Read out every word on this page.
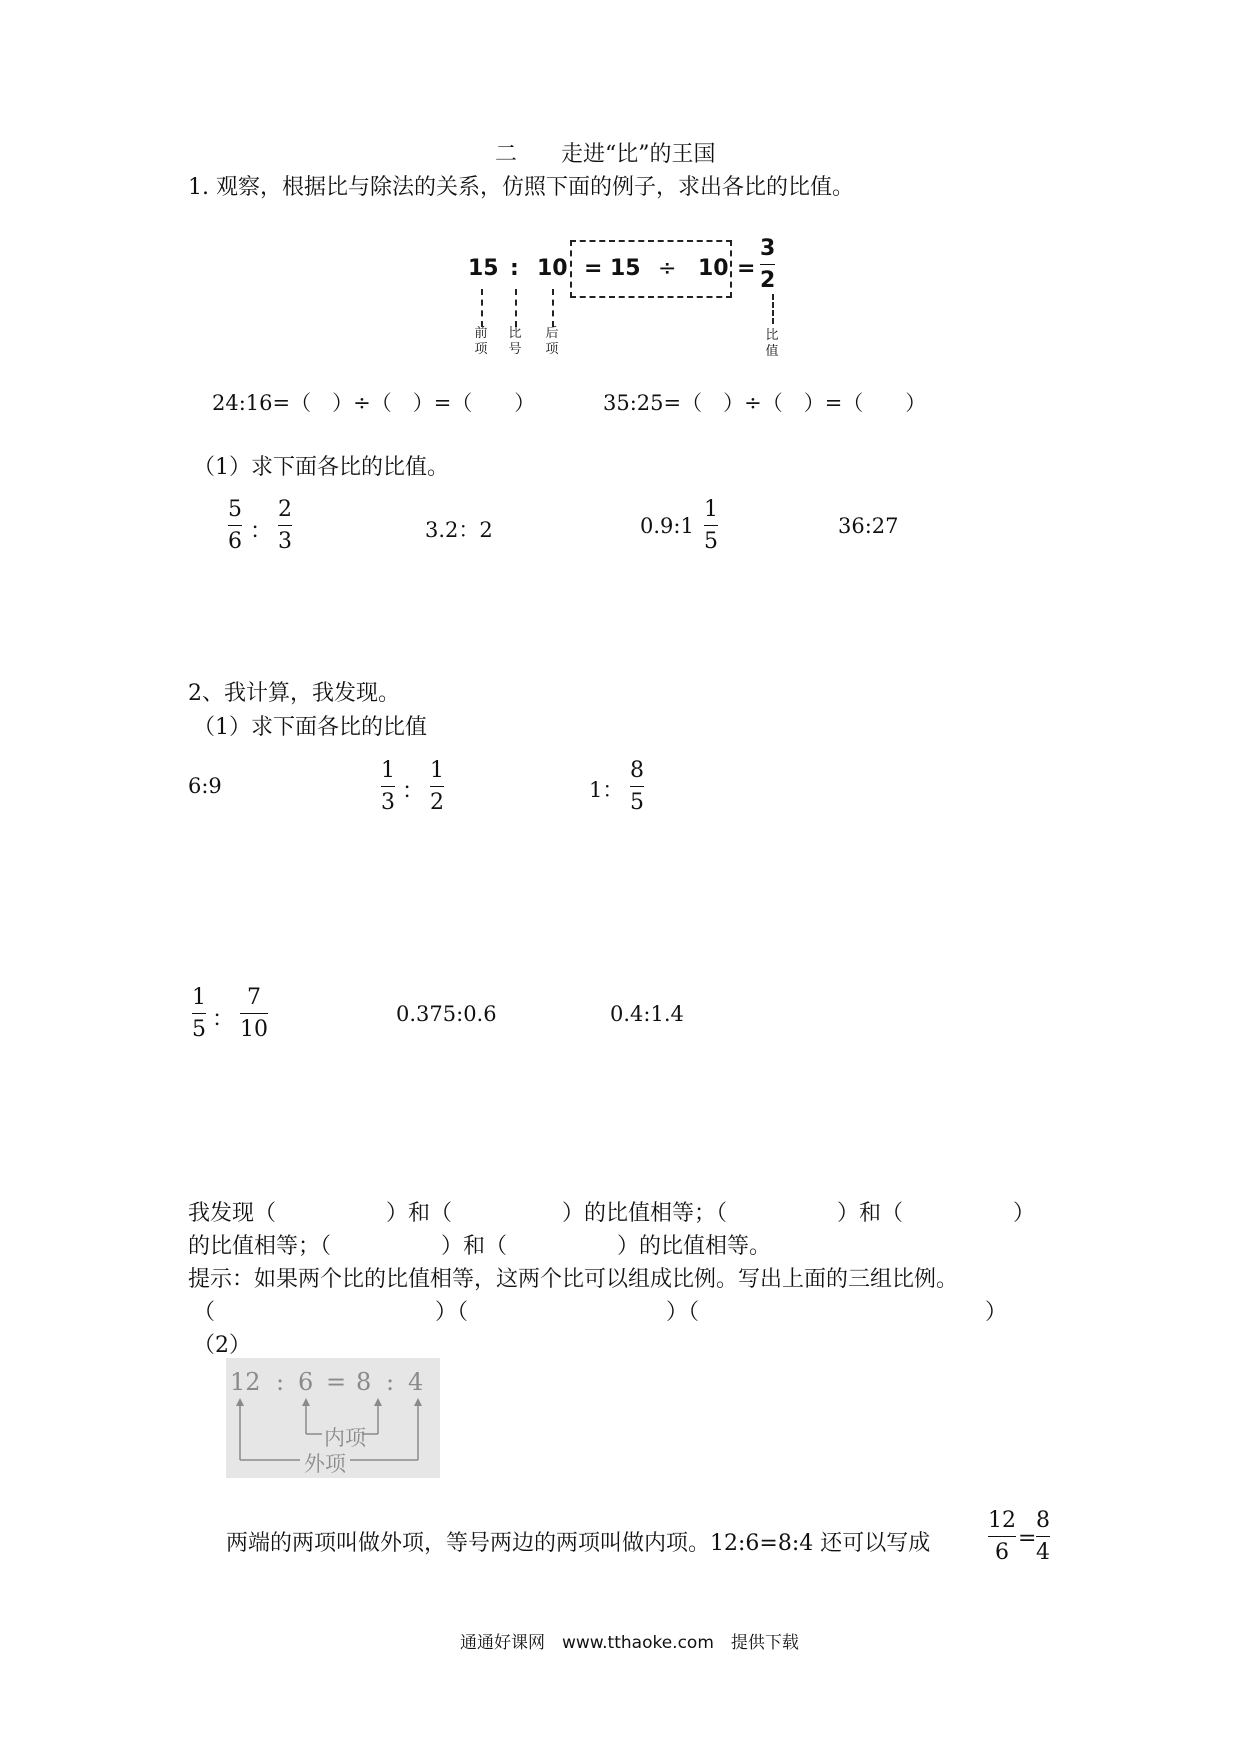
二　　走进“比”的王国
1. 观察，根据比与除法的关系，仿照下面的例子，求出各比的比值。
15 : 10 = 15 ÷ 10 =
3
2
前项
比号
后项
比值
24:16=（　）÷（　）=（　　）	35:25=（　）÷（　）=（　　）
（1）求下面各比的比值。
5
6 ：
2
3	3.2：2	0.9:1
1
5
36:27
2、我计算，我发现。
（1）求下面各比的比值
6:9
1
3 ：
1
2	1：
8
5
1
5 ：
7
10
0.375:0.6	0.4:1.4
我发现（　　　　　）和（　　　　　）的比值相等；（　　　　　）和（　　　　　）
的比值相等；（　　　　　）和（　　　　　）的比值相等。
提示：如果两个比的比值相等，这两个比可以组成比例。写出上面的三组比例。
（　　　　　　　　　　）（　　　　　　　　　）（　　　　　　　　　　　　　）
（2）
12 : 6 = 8 : 4
内项
外项
两端的两项叫做外项，等号两边的两项叫做内项。12:6=8:4 还可以写成
12
6
=
8
4
通通好课网　www.tthaoke.com　提供下载
